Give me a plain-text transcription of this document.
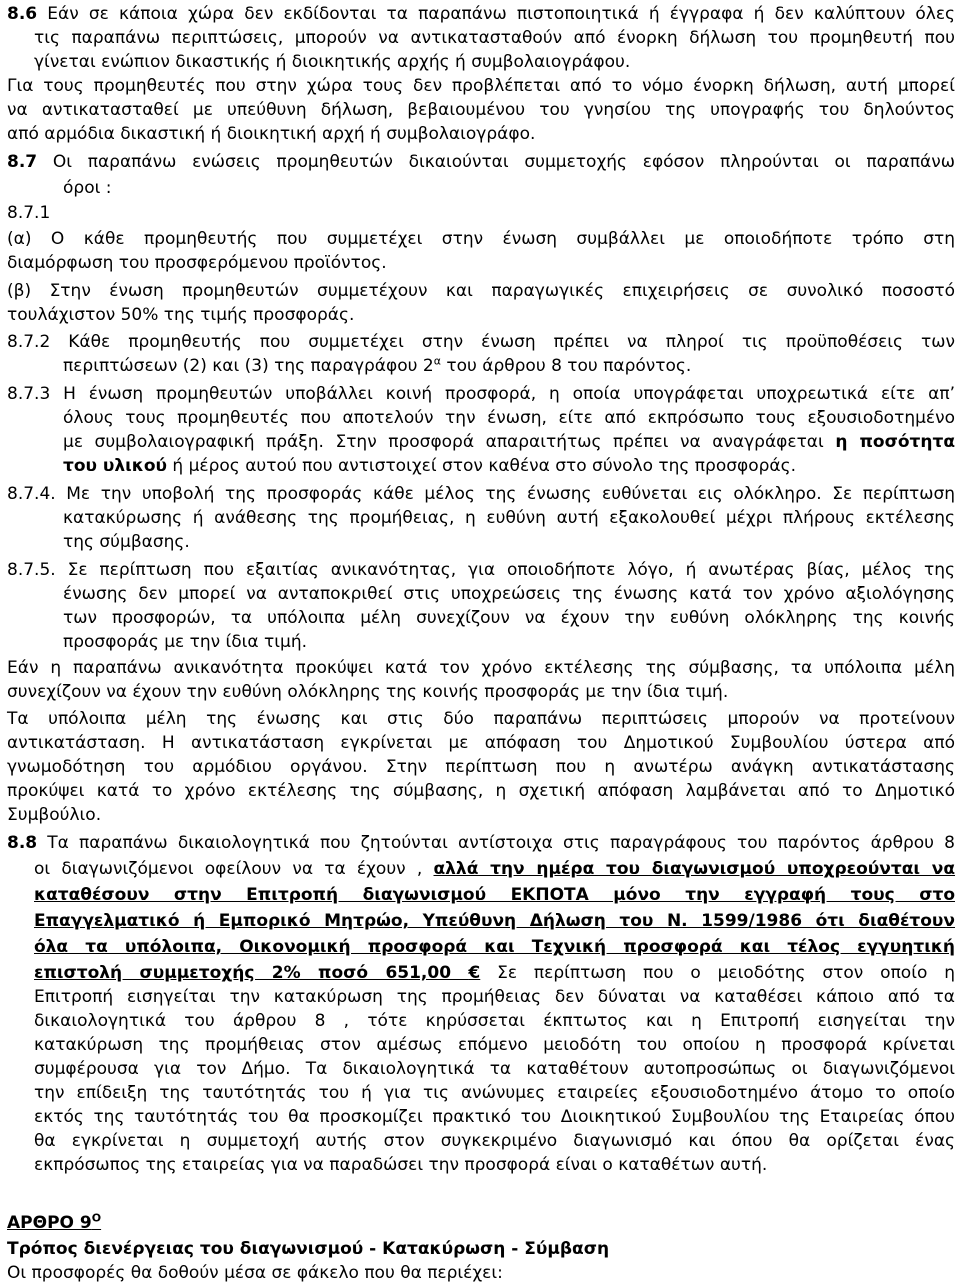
8.6 Εάν σε κάποια χώρα δεν εκδίδονται τα παραπάνω πιστοποιητικά ή έγγραφα ή δεν καλύπτουν όλες
τις παραπάνω περιπτώσεις, μπορούν να αντικατασταθούν από ένορκη δήλωση του προμηθευτή που
γίνεται ενώπιον δικαστικής ή διοικητικής αρχής ή συμβολαιογράφου.
Για τους προμηθευτές που στην χώρα τους δεν προβλέπεται από το νόμο ένορκη δήλωση, αυτή μπορεί
να αντικατασταθεί με υπεύθυνη δήλωση, βεβαιουμένου του γνησίου της υπογραφής του δηλούντος
από αρμόδια δικαστική ή διοικητική αρχή ή συμβολαιογράφο.
8.7 Οι παραπάνω ενώσεις προμηθευτών δικαιούνται συμμετοχής εφόσον πληρούνται οι παραπάνω
όροι :
8.7.1
(α) Ο κάθε προμηθευτής που συμμετέχει στην ένωση συμβάλλει με οποιοδήποτε τρόπο στη
διαμόρφωση του προσφερόμενου προϊόντος.
(β) Στην ένωση προμηθευτών συμμετέχουν και παραγωγικές επιχειρήσεις σε συνολικό ποσοστό
τουλάχιστον 50% της τιμής προσφοράς.
8.7.2 Κάθε προμηθευτής που συμμετέχει στην ένωση πρέπει να πληροί τις προϋποθέσεις των
περιπτώσεων (2) και (3) της παραγράφου $2^\alpha$ του άρθρου 8 του παρόντος.
8.7.3 Η ένωση προμηθευτών υποβάλλει κοινή προσφορά, η οποία υπογράφεται υποχρεωτικά είτε απ’
όλους τους προμηθευτές που αποτελούν την ένωση, είτε από εκπρόσωπο τους εξουσιοδοτημένο
με συμβολαιογραφική πράξη. Στην προσφορά απαραιτήτως πρέπει να αναγράφεται η ποσότητα
του υλικού ή μέρος αυτού που αντιστοιχεί στον καθένα στο σύνολο της προσφοράς.
8.7.4. Με την υποβολή της προσφοράς κάθε μέλος της ένωσης ευθύνεται εις ολόκληρο. Σε περίπτωση
κατακύρωσης ή ανάθεσης της προμήθειας, η ευθύνη αυτή εξακολουθεί μέχρι πλήρους εκτέλεσης
της σύμβασης.
8.7.5. Σε περίπτωση που εξαιτίας ανικανότητας, για οποιοδήποτε λόγο, ή ανωτέρας βίας, μέλος της
ένωσης δεν μπορεί να ανταποκριθεί στις υποχρεώσεις της ένωσης κατά τον χρόνο αξιολόγησης
των προσφορών, τα υπόλοιπα μέλη συνεχίζουν να έχουν την ευθύνη ολόκληρης της κοινής
προσφοράς με την ίδια τιμή.
Εάν η παραπάνω ανικανότητα προκύψει κατά τον χρόνο εκτέλεσης της σύμβασης, τα υπόλοιπα μέλη
συνεχίζουν να έχουν την ευθύνη ολόκληρης της κοινής προσφοράς με την ίδια τιμή.
Τα υπόλοιπα μέλη της ένωσης και στις δύο παραπάνω περιπτώσεις μπορούν να προτείνουν
αντικατάσταση. Η αντικατάσταση εγκρίνεται με απόφαση του Δημοτικού Συμβουλίου ύστερα από
γνωμοδότηση του αρμόδιου οργάνου. Στην περίπτωση που η ανωτέρω ανάγκη αντικατάστασης
προκύψει κατά το χρόνο εκτέλεσης της σύμβασης, η σχετική απόφαση λαμβάνεται από το Δημοτικό
Συμβούλιο.
8.8 Τα παραπάνω δικαιολογητικά που ζητούνται αντίστοιχα στις παραγράφους του παρόντος άρθρου 8
οι διαγωνιζόμενοι οφείλουν να τα έχουν , αλλά την ημέρα του διαγωνισμού υποχρεούνται να
καταθέσουν στην Επιτροπή διαγωνισμού ΕΚΠΟΤΑ μόνο την εγγραφή τους στο
Επαγγελματικό ή Εμπορικό Μητρώο, Υπεύθυνη Δήλωση του Ν. 1599/1986 ότι διαθέτουν
όλα τα υπόλοιπα, Οικονομική προσφορά και Τεχνική προσφορά και τέλος εγγυητική
επιστολή συμμετοχής 2% ποσό 651,00 € Σε περίπτωση που ο μειοδότης στον οποίο η
Επιτροπή εισηγείται την κατακύρωση της προμήθειας δεν δύναται να καταθέσει κάποιο από τα
δικαιολογητικά του άρθρου 8 , τότε κηρύσσεται έκπτωτος και η Επιτροπή εισηγείται την
κατακύρωση της προμήθειας στον αμέσως επόμενο μειοδότη του οποίου η προσφορά κρίνεται
συμφέρουσα για τον Δήμο. Τα δικαιολογητικά τα καταθέτουν αυτοπροσώπως οι διαγωνιζόμενοι
την επίδειξη της ταυτότητάς του ή για τις ανώνυμες εταιρείες εξουσιοδοτημένο άτομο το οποίο
εκτός της ταυτότητάς του θα προσκομίζει πρακτικό του Διοικητικού Συμβουλίου της Εταιρείας όπου
θα εγκρίνεται η συμμετοχή αυτής στον συγκεκριμένο διαγωνισμό και όπου θα ορίζεται ένας
εκπρόσωπος της εταιρείας για να παραδώσει την προσφορά είναι ο καταθέτων αυτή.
ΑΡΘΡΟ $9^O$
Τρόπος διενέργειας του διαγωνισμού - Κατακύρωση - Σύμβαση
Οι προσφορές θα δοθούν μέσα σε φάκελο που θα περιέχει:
